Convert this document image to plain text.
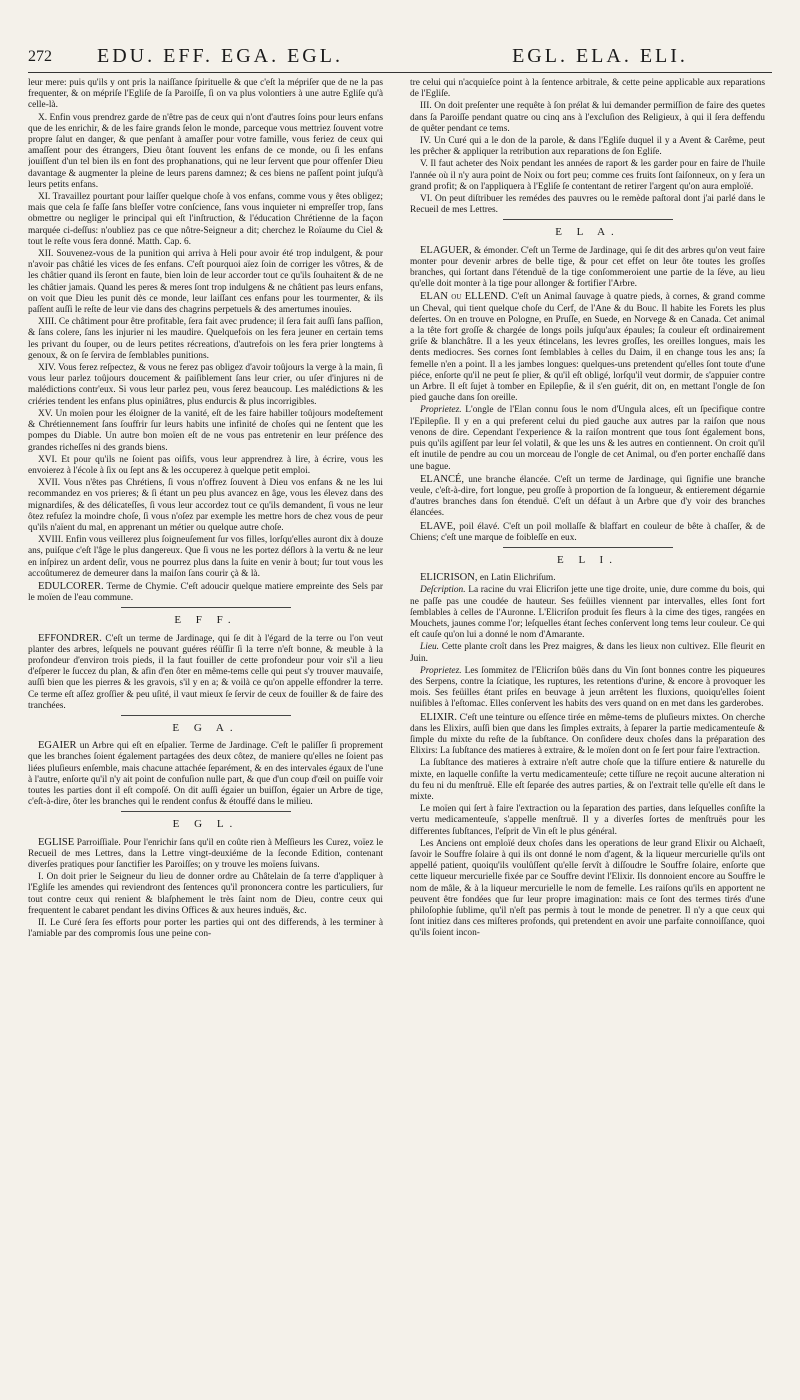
272	EDU. EFF. EGA. EGL.	EGL. ELA. ELI.

leur mere: puis qu'ils y ont pris la naiſſance ſpirituelle & que c'eſt la mépriſer que de ne la pas frequenter, & on mépriſe l'Egliſe de ſa Paroiſſe, ſi on va plus volontiers à une autre Egliſe qu'à celle-là.

X. Enfin vous prendrez garde de n'être pas de ceux qui n'ont d'autres ſoins pour leurs enfans que de les enrichir, & de les faire grands ſelon le monde, parceque vous mettriez ſouvent votre propre ſalut en danger, & que penſant à amaſſer pour votre famille, vous feriez de ceux qui amaſſent pour des étrangers, Dieu ôtant ſouvent les enfans de ce monde, ou ſi les enfans jouiſſent d'un tel bien ils en font des prophanations, qui ne leur ſervent que pour offenſer Dieu davantage & augmenter la pleine de leurs parens damnez; & ces biens ne paſſent point juſqu'à leurs petits enfans.

XI. Travaillez pourtant pour laiſſer quelque choſe à vos enfans, comme vous y êtes obligez; mais que cela ſe faſſe ſans bleſſer votre conſcience, ſans vous inquieter ni empreſſer trop, ſans obmettre ou negliger le principal qui eſt l'inſtruction, & l'éducation Chrétienne de la façon marquée ci-deſſus: n'oubliez pas ce que nôtre-Seigneur a dit; cherchez le Roïaume du Ciel & tout le reſte vous ſera donné. Matth. Cap. 6.

XII. Souvenez-vous de la punition qui arriva à Heli pour avoir été trop indulgent, & pour n'avoir pas châtié les vices de ſes enfans. C'eſt pourquoi aïez ſoin de corriger les vôtres, & de les châtier quand ils ſeront en faute, bien loin de leur accorder tout ce qu'ils ſouhaitent & de ne les châtier jamais. Quand les peres & meres ſont trop indulgens & ne châtient pas leurs enfans, on voit que Dieu les punit dès ce monde, leur laiſſant ces enfans pour les tourmenter, & ils paſſent auſſi le reſte de leur vie dans des chagrins perpetuels & des amertumes inouïes.

XIII. Ce châtiment pour être profitable, ſera fait avec prudence; il ſera fait auſſi ſans paſſion, & ſans colere, ſans les injurier ni les maudire. Quelquefois on les fera jeuner en certain tems les privant du ſouper, ou de leurs petites récreations, d'autrefois on les fera prier longtems à genoux, & on ſe ſervira de ſemblables punitions.

XIV. Vous ferez reſpectez, & vous ne ferez pas obligez d'avoir toûjours la verge à la main, ſi vous leur parlez toûjours doucement & paiſiblement ſans leur crier, ou uſer d'injures ni de malédictions contr'eux. Si vous leur parlez peu, vous ſerez beaucoup. Les malédictions & les criéries tendent les enfans plus opiniâtres, plus endurcis & plus incorrigibles.

XV. Un moïen pour les éloigner de la vanité, eſt de les faire habiller toûjours modeſtement & Chrétiennement ſans ſouffrir ſur leurs habits une infinité de choſes qui ne ſentent que les pompes du Diable. Un autre bon moïen eſt de ne vous pas entretenir en leur préſence des grandes richeſſes ni des grands biens.

XVI. Et pour qu'ils ne ſoient pas oiſifs, vous leur apprendrez à lire, à écrire, vous les envoierez à l'école à ſix ou ſept ans & les occuperez à quelque petit emploi.

XVII. Vous n'êtes pas Chrétiens, ſi vous n'offrez ſouvent à Dieu vos enfans & ne les lui recommandez en vos prieres; & ſi étant un peu plus avancez en âge, vous les élevez dans des mignardiſes, & des délicateſſes, ſi vous leur accordez tout ce qu'ils demandent, ſi vous ne leur ôtez refuſez la moindre choſe, ſi vous n'oſez par exemple les mettre hors de chez vous de peur qu'ils n'aïent du mal, en apprenant un métier ou quelque autre choſe.

XVIII. Enfin vous veillerez plus ſoigneuſement ſur vos filles, lorſqu'elles auront dix à douze ans, puiſque c'eſt l'âge le plus dangereux. Que ſi vous ne les portez déſlors à la vertu & ne leur en inſpirez un ardent deſir, vous ne pourrez plus dans la ſuite en venir à bout; ſur tout vous les accoûtumerez de demeurer dans la maiſon ſans courir çà & là.

EDULCORER. Terme de Chymie. C'eſt adoucir quelque matiere empreinte des Sels par le moïen de l'eau commune.

E F F.

EFFONDRER. C'eſt un terme de Jardinage, qui ſe dit à l'égard de la terre ou l'on veut planter des arbres, leſquels ne pouvant guéres réüſſir ſi la terre n'eſt bonne, & meuble à la profondeur d'environ trois pieds, il la faut fouiller de cette profondeur pour voir s'il a lieu d'eſperer le ſuccez du plan, & afin d'en ôter en même-tems celle qui peut s'y trouver mauvaiſe, auſſi bien que les pierres & les gravois, s'il y en a; & voilà ce qu'on appelle effondrer la terre. Ce terme eſt aſſez groſſier & peu uſité, il vaut mieux ſe ſervir de ceux de fouiller & de faire des tranchées.

E G A.

EGAIER un Arbre qui eſt en eſpalier. Terme de Jardinage. C'eſt le paliſſer ſi proprement que les branches ſoient également partagées des deux côtez, de maniere qu'elles ne ſoient pas liées pluſieurs enſemble, mais chacune attachée ſeparément, & en des intervales égaux de l'une à l'autre, enſorte qu'il n'y ait point de confuſion nulle part, & que d'un coup d'œil on puiſſe voir toutes les parties dont il eſt compoſé. On dit auſſi égaier un buiſſon, égaier un Arbre de tige, c'eſt-à-dire, ôter les branches qui le rendent confus & étouffé dans le milieu.

E G L.

EGLISE Parroiſſiale. Pour l'enrichir ſans qu'il en coûte rien à Meſſieurs les Curez, voïez le Recueil de mes Lettres, dans la Lettre vingt-deuxiéme de la ſeconde Edition, contenant diverſes pratiques pour ſanctifier les Paroiſſes; on y trouve les moïens ſuivans.

I. On doit prier le Seigneur du lieu de donner ordre au Châtelain de ſa terre d'appliquer à l'Egliſe les amendes qui reviendront des ſentences qu'il prononcera contre les particuliers, ſur tout contre ceux qui renient & blaſphement le très ſaint nom de Dieu, contre ceux qui frequentent le cabaret pendant les divins Offices & aux heures induës, &c.

II. Le Curé ſera ſes efforts pour porter les parties qui ont des differends, à les terminer à l'amiable par des compromis ſous une peine con-

tre celui qui n'acquieſce point à la ſentence arbitrale, & cette peine applicable aux reparations de l'Egliſe.

III. On doit preſenter une requête à ſon prélat & lui demander permiſſion de faire des quetes dans ſa Paroiſſe pendant quatre ou cinq ans à l'excluſion des Religieux, à qui il ſera deffendu de quêter pendant ce tems.

IV. Un Curé qui a le don de la parole, & dans l'Egliſe duquel il y a Avent & Carême, peut les prêcher & appliquer la retribution aux reparations de ſon Egliſe.

V. Il faut acheter des Noix pendant les années de raport & les garder pour en faire de l'huile l'année où il n'y aura point de Noix ou fort peu; comme ces fruits ſont ſaiſonneux, on y ſera un grand profit; & on l'appliquera à l'Egliſe ſe contentant de retirer l'argent qu'on aura emploïé.

VI. On peut diſtribuer les remédes des pauvres ou le remède paſtoral dont j'ai parlé dans le Recueil de mes Lettres.

E L A.

ELAGUER, & émonder. C'eſt un Terme de Jardinage, qui ſe dit des arbres qu'on veut faire monter pour devenir arbres de belle tige, & pour cet effet on leur ôte toutes les groſſes branches, qui ſortant dans l'étenduë de la tige conſommeroient une partie de la ſéve, au lieu qu'elle doit monter à la tige pour allonger & fortifier l'Arbre.

ELAN ou ELLEND. C'eſt un Animal ſauvage à quatre pieds, à cornes, & grand comme un Cheval, qui tient quelque choſe du Cerf, de l'Ane & du Bouc. Il habite les Forets les plus deſertes. On en trouve en Pologne, en Pruſſe, en Suede, en Norvege & en Canada. Cet animal a la tête fort groſſe & chargée de longs poils juſqu'aux épaules; ſa couleur eſt ordinairement griſe & blanchâtre. Il a les yeux étincelans, les levres groſſes, les oreilles longues, mais les dents mediocres. Ses cornes ſont ſemblables à celles du Daim, il en change tous les ans; ſa femelle n'en a point. Il a les jambes longues: quelques-uns pretendent qu'elles ſont toute d'une piéce, enſorte qu'il ne peut ſe plier, & qu'il eſt obligé, lorſqu'il veut dormir, de s'appuier contre un Arbre. Il eſt ſujet à tomber en Epilepſie, & il s'en guérit, dit on, en mettant l'ongle de ſon pied gauche dans ſon oreille.

Proprietez. L'ongle de l'Elan connu ſous le nom d'Ungula alces, eſt un ſpecifique contre l'Epilepſie. Il y en a qui preferent celui du pied gauche aux autres par la raiſon que nous venons de dire. Cependant l'experience & la raiſon montrent que tous ſont également bons, puis qu'ils agiſſent par leur ſel volatil, & que les uns & les autres en contiennent. On croit qu'il eſt inutile de pendre au cou un morceau de l'ongle de cet Animal, ou d'en porter enchaſſé dans une bague.

ELANCÉ, une branche élancée. C'eſt un terme de Jardinage, qui ſignifie une branche veule, c'eſt-à-dire, fort longue, peu groſſe à proportion de ſa longueur, & entierement dégarnie d'autres branches dans ſon étenduë. C'eſt un défaut à un Arbre que d'y voir des branches élancées.

ELAVE, poil élavé. C'eſt un poil mollaſſe & blaffart en couleur de bête à chaſſer, & de Chiens; c'eſt une marque de foibleſſe en eux.

E L I.

ELICRISON, en Latin Elichriſum.

Deſcription. La racine du vrai Elicriſon jette une tige droite, unie, dure comme du bois, qui ne paſſe pas une coudée de hauteur. Ses feüilles viennent par intervalles, elles ſont fort ſemblables à celles de l'Auronne. L'Elicriſon produit ſes fleurs à la cime des tiges, rangées en Mouchets, jaunes comme l'or; leſquelles étant ſeches conſervent long tems leur couleur. Ce qui eſt cauſe qu'on lui a donné le nom d'Amarante.

Lieu. Cette plante croît dans les Prez maigres, & dans les lieux non cultivez. Elle fleurit en Juin.

Proprietez. Les ſommitez de l'Elicriſon bûës dans du Vin ſont bonnes contre les piqueures des Serpens, contre la ſciatique, les ruptures, les retentions d'urine, & encore à provoquer les mois. Ses feüilles étant priſes en beuvage à jeun arrêtent les fluxions, quoiqu'elles ſoient nuiſibles à l'eſtomac. Elles conſervent les habits des vers quand on en met dans les garderobes.

ELIXIR. C'eſt une teinture ou eſſence tirée en même-tems de pluſieurs mixtes. On cherche dans les Elixirs, auſſi bien que dans les ſimples extraits, à ſeparer la partie medicamenteuſe & ſimple du mixte du reſte de la ſubſtance. On conſidere deux choſes dans la préparation des Elixirs: La ſubſtance des matieres à extraire, & le moïen dont on ſe ſert pour faire l'extraction.

La ſubſtance des matieres à extraire n'eſt autre choſe que la tiſſure entiere & naturelle du mixte, en laquelle conſiſte la vertu medicamenteuſe; cette tiſſure ne reçoit aucune alteration ni du feu ni du menſtruë. Elle eſt ſeparée des autres parties, & on l'extrait telle qu'elle eſt dans le mixte.

Le moïen qui ſert à faire l'extraction ou la ſeparation des parties, dans leſquelles conſiſte la vertu medicamenteuſe, s'appelle menſtruë. Il y a diverſes ſortes de menſtruës pour les differentes ſubſtances, l'eſprit de Vin eſt le plus général.

Les Anciens ont emploïé deux choſes dans les operations de leur grand Elixir ou Alchaeſt, ſavoir le Souffre ſolaire à qui ils ont donné le nom d'agent, & la liqueur mercurielle qu'ils ont appellé patient, quoiqu'ils voulûſſent qu'elle ſervît à diſſoudre le Souffre ſolaire, enſorte que cette liqueur mercurielle fixée par ce Souffre devint l'Elixir. Ils donnoient encore au Souffre le nom de mâle, & à la liqueur mercurielle le nom de femelle. Les raiſons qu'ils en apportent ne peuvent être fondées que ſur leur propre imagination: mais ce ſont des termes tirés d'une philoſophie ſublime, qu'il n'eſt pas permis à tout le monde de penetrer. Il n'y a que ceux qui ſont initiez dans ces miſteres profonds, qui pretendent en avoir une parfaite connoiſſance, quoi qu'ils ſoient incon-
